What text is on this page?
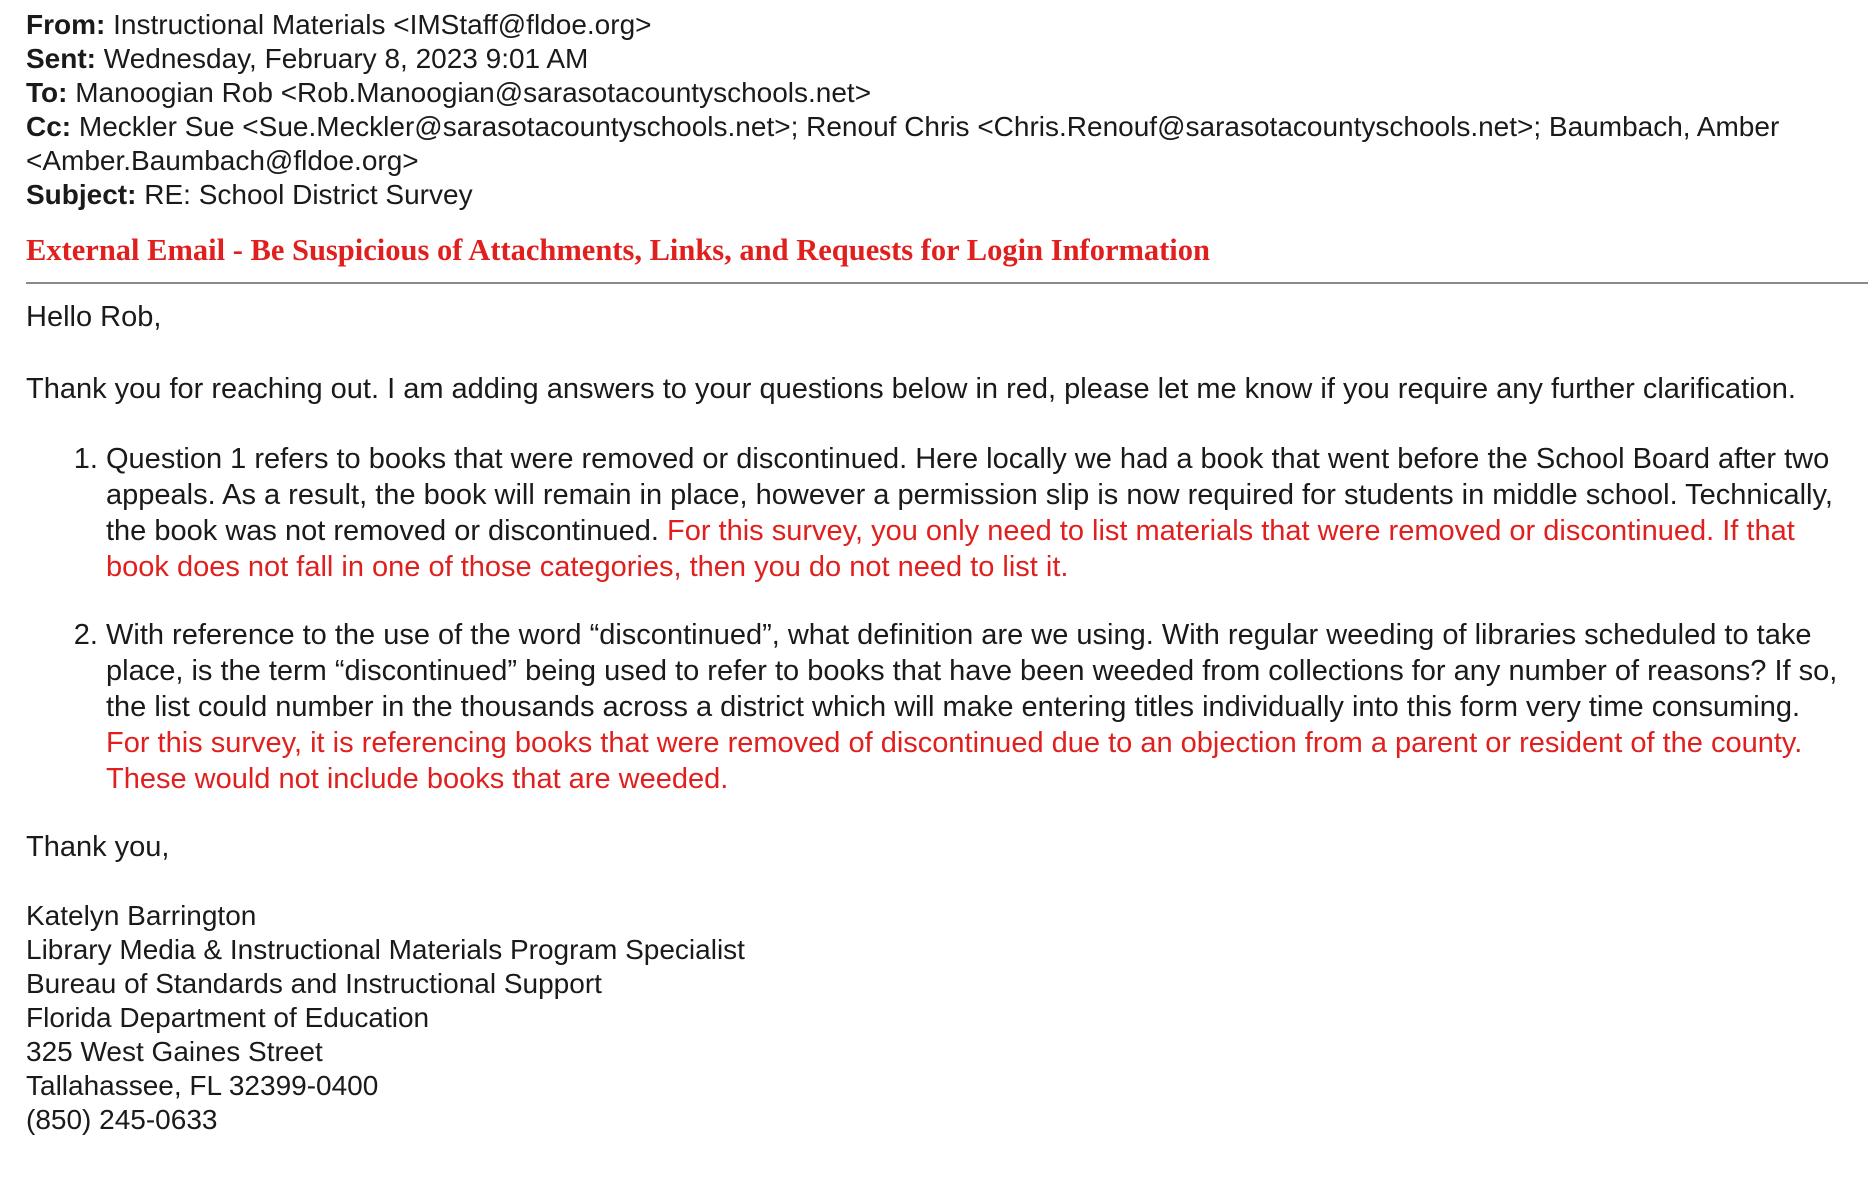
From: Instructional Materials <IMStaff@fldoe.org>
Sent: Wednesday, February 8, 2023 9:01 AM
To: Manoogian Rob <Rob.Manoogian@sarasotacountyschools.net>
Cc: Meckler Sue <Sue.Meckler@sarasotacountyschools.net>; Renouf Chris <Chris.Renouf@sarasotacountyschools.net>; Baumbach, Amber <Amber.Baumbach@fldoe.org>
Subject: RE: School District Survey
External Email - Be Suspicious of Attachments, Links, and Requests for Login Information
Hello Rob,
Thank you for reaching out. I am adding answers to your questions below in red, please let me know if you require any further clarification.
1. Question 1 refers to books that were removed or discontinued. Here locally we had a book that went before the School Board after two appeals. As a result, the book will remain in place, however a permission slip is now required for students in middle school. Technically, the book was not removed or discontinued. For this survey, you only need to list materials that were removed or discontinued. If that book does not fall in one of those categories, then you do not need to list it.
2. With reference to the use of the word “discontinued”, what definition are we using. With regular weeding of libraries scheduled to take place, is the term “discontinued” being used to refer to books that have been weeded from collections for any number of reasons? If so, the list could number in the thousands across a district which will make entering titles individually into this form very time consuming. For this survey, it is referencing books that were removed of discontinued due to an objection from a parent or resident of the county. These would not include books that are weeded.
Thank you,
Katelyn Barrington
Library Media & Instructional Materials Program Specialist
Bureau of Standards and Instructional Support
Florida Department of Education
325 West Gaines Street
Tallahassee, FL 32399-0400
(850) 245-0633
